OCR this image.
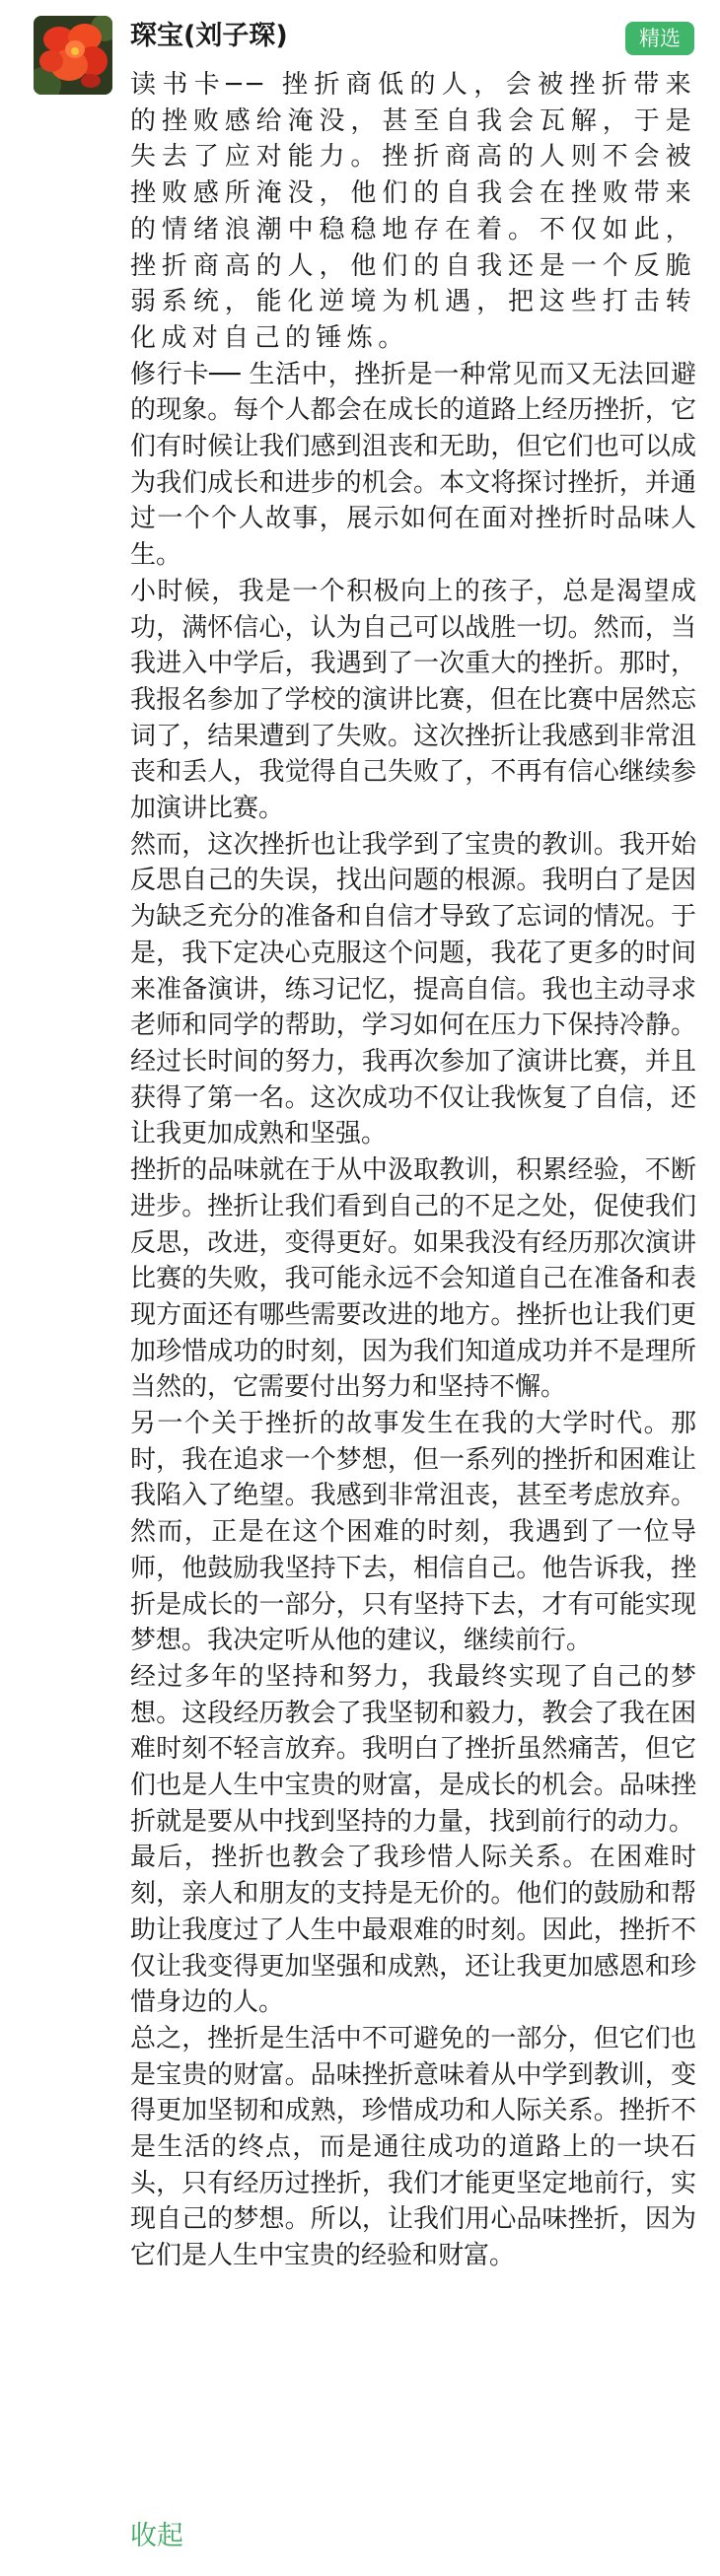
琛宝(刘子琛)	精选

读书卡── 挫折商低的人，会被挫折带来的挫败感给淹没，甚至自我会瓦解，于是失去了应对能力。挫折商高的人则不会被挫败感所淹没，他们的自我会在挫败带来的情绪浪潮中稳稳地存在着。不仅如此，挫折商高的人，他们的自我还是一个反脆弱系统，能化逆境为机遇，把这些打击转化成对自己的锤炼。

修行卡── 生活中，挫折是一种常见而又无法回避的现象。每个人都会在成长的道路上经历挫折，它们有时候让我们感到沮丧和无助，但它们也可以成为我们成长和进步的机会。本文将探讨挫折，并通过一个个人故事，展示如何在面对挫折时品味人生。

小时候，我是一个积极向上的孩子，总是渴望成功，满怀信心，认为自己可以战胜一切。然而，当我进入中学后，我遇到了一次重大的挫折。那时，我报名参加了学校的演讲比赛，但在比赛中居然忘词了，结果遭到了失败。这次挫折让我感到非常沮丧和丢人，我觉得自己失败了，不再有信心继续参加演讲比赛。

然而，这次挫折也让我学到了宝贵的教训。我开始反思自己的失误，找出问题的根源。我明白了是因为缺乏充分的准备和自信才导致了忘词的情况。于是，我下定决心克服这个问题，我花了更多的时间来准备演讲，练习记忆，提高自信。我也主动寻求老师和同学的帮助，学习如何在压力下保持冷静。经过长时间的努力，我再次参加了演讲比赛，并且获得了第一名。这次成功不仅让我恢复了自信，还让我更加成熟和坚强。

挫折的品味就在于从中汲取教训，积累经验，不断进步。挫折让我们看到自己的不足之处，促使我们反思，改进，变得更好。如果我没有经历那次演讲比赛的失败，我可能永远不会知道自己在准备和表现方面还有哪些需要改进的地方。挫折也让我们更加珍惜成功的时刻，因为我们知道成功并不是理所当然的，它需要付出努力和坚持不懈。

另一个关于挫折的故事发生在我的大学时代。那时，我在追求一个梦想，但一系列的挫折和困难让我陷入了绝望。我感到非常沮丧，甚至考虑放弃。然而，正是在这个困难的时刻，我遇到了一位导师，他鼓励我坚持下去，相信自己。他告诉我，挫折是成长的一部分，只有坚持下去，才有可能实现梦想。我决定听从他的建议，继续前行。

经过多年的坚持和努力，我最终实现了自己的梦想。这段经历教会了我坚韧和毅力，教会了我在困难时刻不轻言放弃。我明白了挫折虽然痛苦，但它们也是人生中宝贵的财富，是成长的机会。品味挫折就是要从中找到坚持的力量，找到前行的动力。

最后，挫折也教会了我珍惜人际关系。在困难时刻，亲人和朋友的支持是无价的。他们的鼓励和帮助让我度过了人生中最艰难的时刻。因此，挫折不仅让我变得更加坚强和成熟，还让我更加感恩和珍惜身边的人。

总之，挫折是生活中不可避免的一部分，但它们也是宝贵的财富。品味挫折意味着从中学到教训，变得更加坚韧和成熟，珍惜成功和人际关系。挫折不是生活的终点，而是通往成功的道路上的一块石头，只有经历过挫折，我们才能更坚定地前行，实现自己的梦想。所以，让我们用心品味挫折，因为它们是人生中宝贵的经验和财富。

收起
